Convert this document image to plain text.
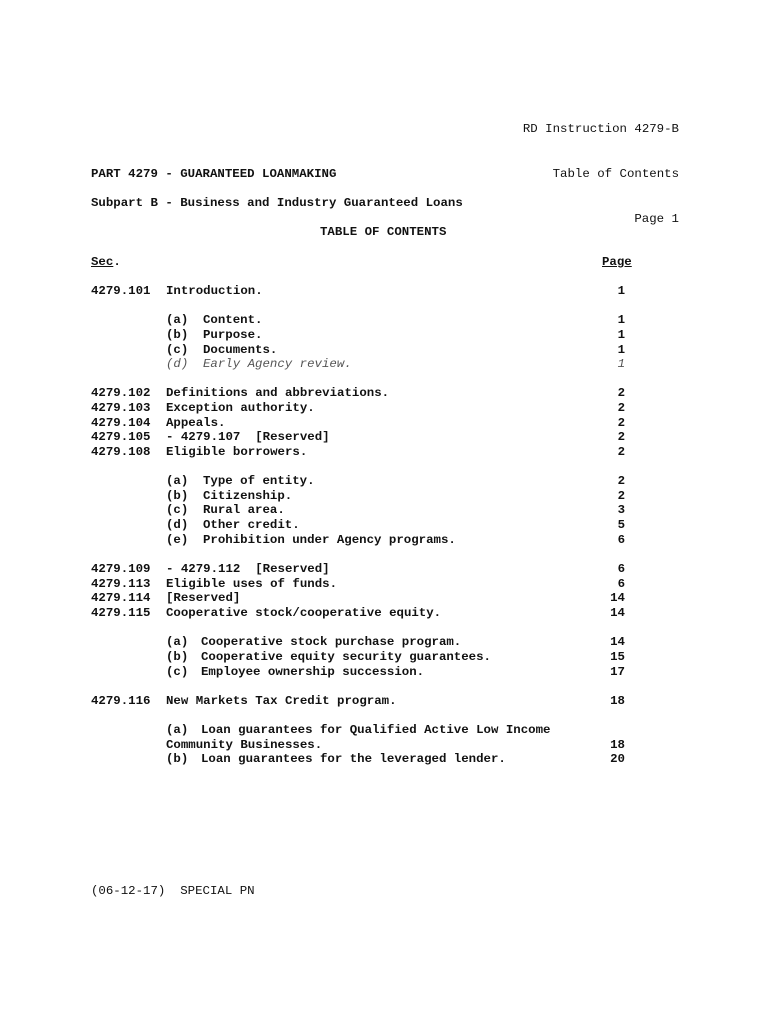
RD Instruction 4279-B

Table of Contents

Page 1

PART 4279 - GUARANTEED LOANMAKING
Subpart B - Business and Industry Guaranteed Loans
TABLE OF CONTENTS
Sec.	Page
4279.101 Introduction.	1
(a) Content.	1
(b) Purpose.	1
(c) Documents.	1
(d) Early Agency review.	1
4279.102 Definitions and abbreviations.	2
4279.103 Exception authority.	2
4279.104 Appeals.	2
4279.105 - 4279.107  [Reserved]	2
4279.108 Eligible borrowers.	2
(a) Type of entity.	2
(b) Citizenship.	2
(c) Rural area.	3
(d) Other credit.	5
(e) Prohibition under Agency programs.	6
4279.109 - 4279.112  [Reserved]	6
4279.113 Eligible uses of funds.	6
4279.114 [Reserved]	14
4279.115 Cooperative stock/cooperative equity.	14
(a) Cooperative stock purchase program.	14
(b) Cooperative equity security guarantees.	15
(c) Employee ownership succession.	17
4279.116 New Markets Tax Credit program.	18
(a) Loan guarantees for Qualified Active Low Income
Community Businesses.	18
(b) Loan guarantees for the leveraged lender.	20
(06-12-17)  SPECIAL PN
